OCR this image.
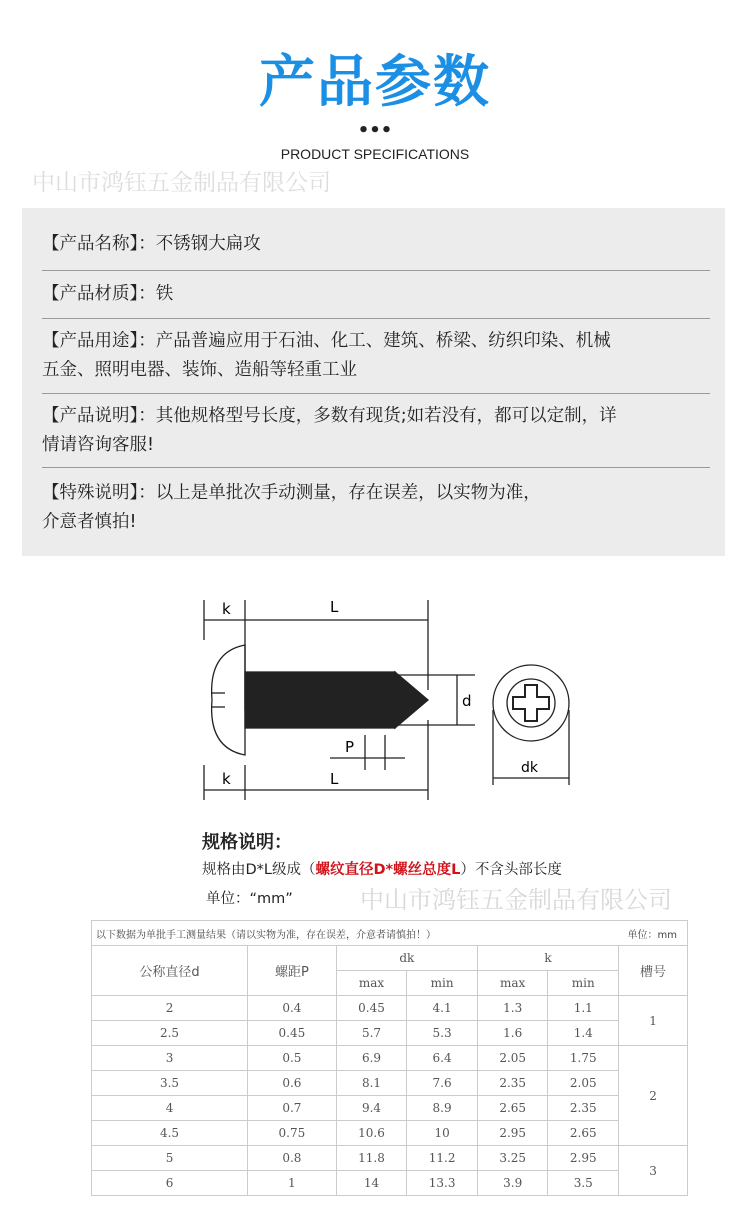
产品参数
•••
PRODUCT SPECIFICATIONS
中山市鸿钰五金制品有限公司
【产品名称】：不锈钢大扁攻
【产品材质】：铁
【产品用途】：产品普遍应用于石油、化工、建筑、桥梁、纺织印染、机械
五金、照明电器、装饰、造船等轻重工业
【产品说明】：其他规格型号长度，多数有现货;如若没有，都可以定制，详
情请咨询客服!
【特殊说明】：以上是单批次手动测量，存在误差，以实物为准，
介意者慎拍!
k	L
d
P
k	L
dk
规格说明：
规格由D*L级成（螺纹直径D*螺丝总度L）不含头部长度
单位：“mm”
以下数据为单批手工测量结果（请以实物为准，存在误差，介意者请慎拍！） 单位：mm						

公称直径d	螺距P	dk		k		槽号
		max	min	max	min	
2	0.4	0.45	4.1	1.3	1.1	1
2.5	0.45	5.7	5.3	1.6	1.4	
3	0.5	6.9	6.4	2.05	1.75	2
3.5	0.6	8.1	7.6	2.35	2.05	
4	0.7	9.4	8.9	2.65	2.35	
4.5	0.75	10.6	10	2.95	2.65	
5	0.8	11.8	11.2	3.25	2.95	3
6	1	14	13.3	3.9	3.5	
中山市鸿钰五金制品有限公司
